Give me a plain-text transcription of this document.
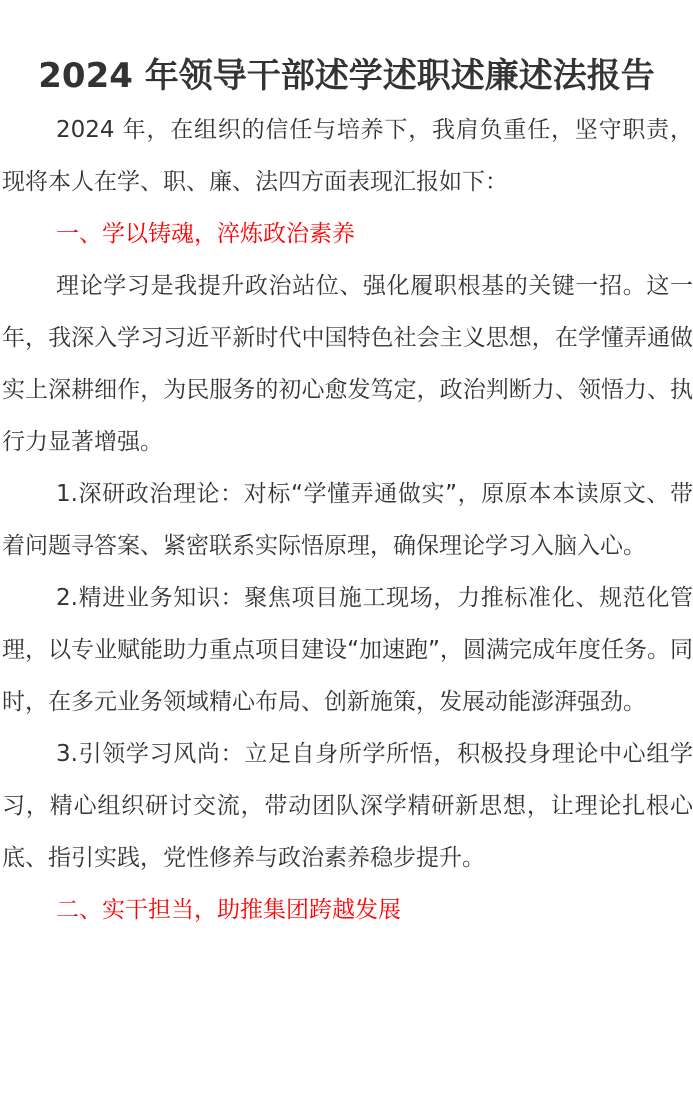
2024 年领导干部述学述职述廉述法报告

2024 年，在组织的信任与培养下，我肩负重任，坚守职责，现将本人在学、职、廉、法四方面表现汇报如下：

一、学以铸魂，淬炼政治素养

理论学习是我提升政治站位、强化履职根基的关键一招。这一年，我深入学习习近平新时代中国特色社会主义思想，在学懂弄通做实上深耕细作，为民服务的初心愈发笃定，政治判断力、领悟力、执行力显著增强。

1.深研政治理论：对标“学懂弄通做实”，原原本本读原文、带着问题寻答案、紧密联系实际悟原理，确保理论学习入脑入心。

2.精进业务知识：聚焦项目施工现场，力推标准化、规范化管理，以专业赋能助力重点项目建设“加速跑”，圆满完成年度任务。同时，在多元业务领域精心布局、创新施策，发展动能澎湃强劲。

3.引领学习风尚：立足自身所学所悟，积极投身理论中心组学习，精心组织研讨交流，带动团队深学精研新思想，让理论扎根心底、指引实践，党性修养与政治素养稳步提升。

二、实干担当，助推集团跨越发展
